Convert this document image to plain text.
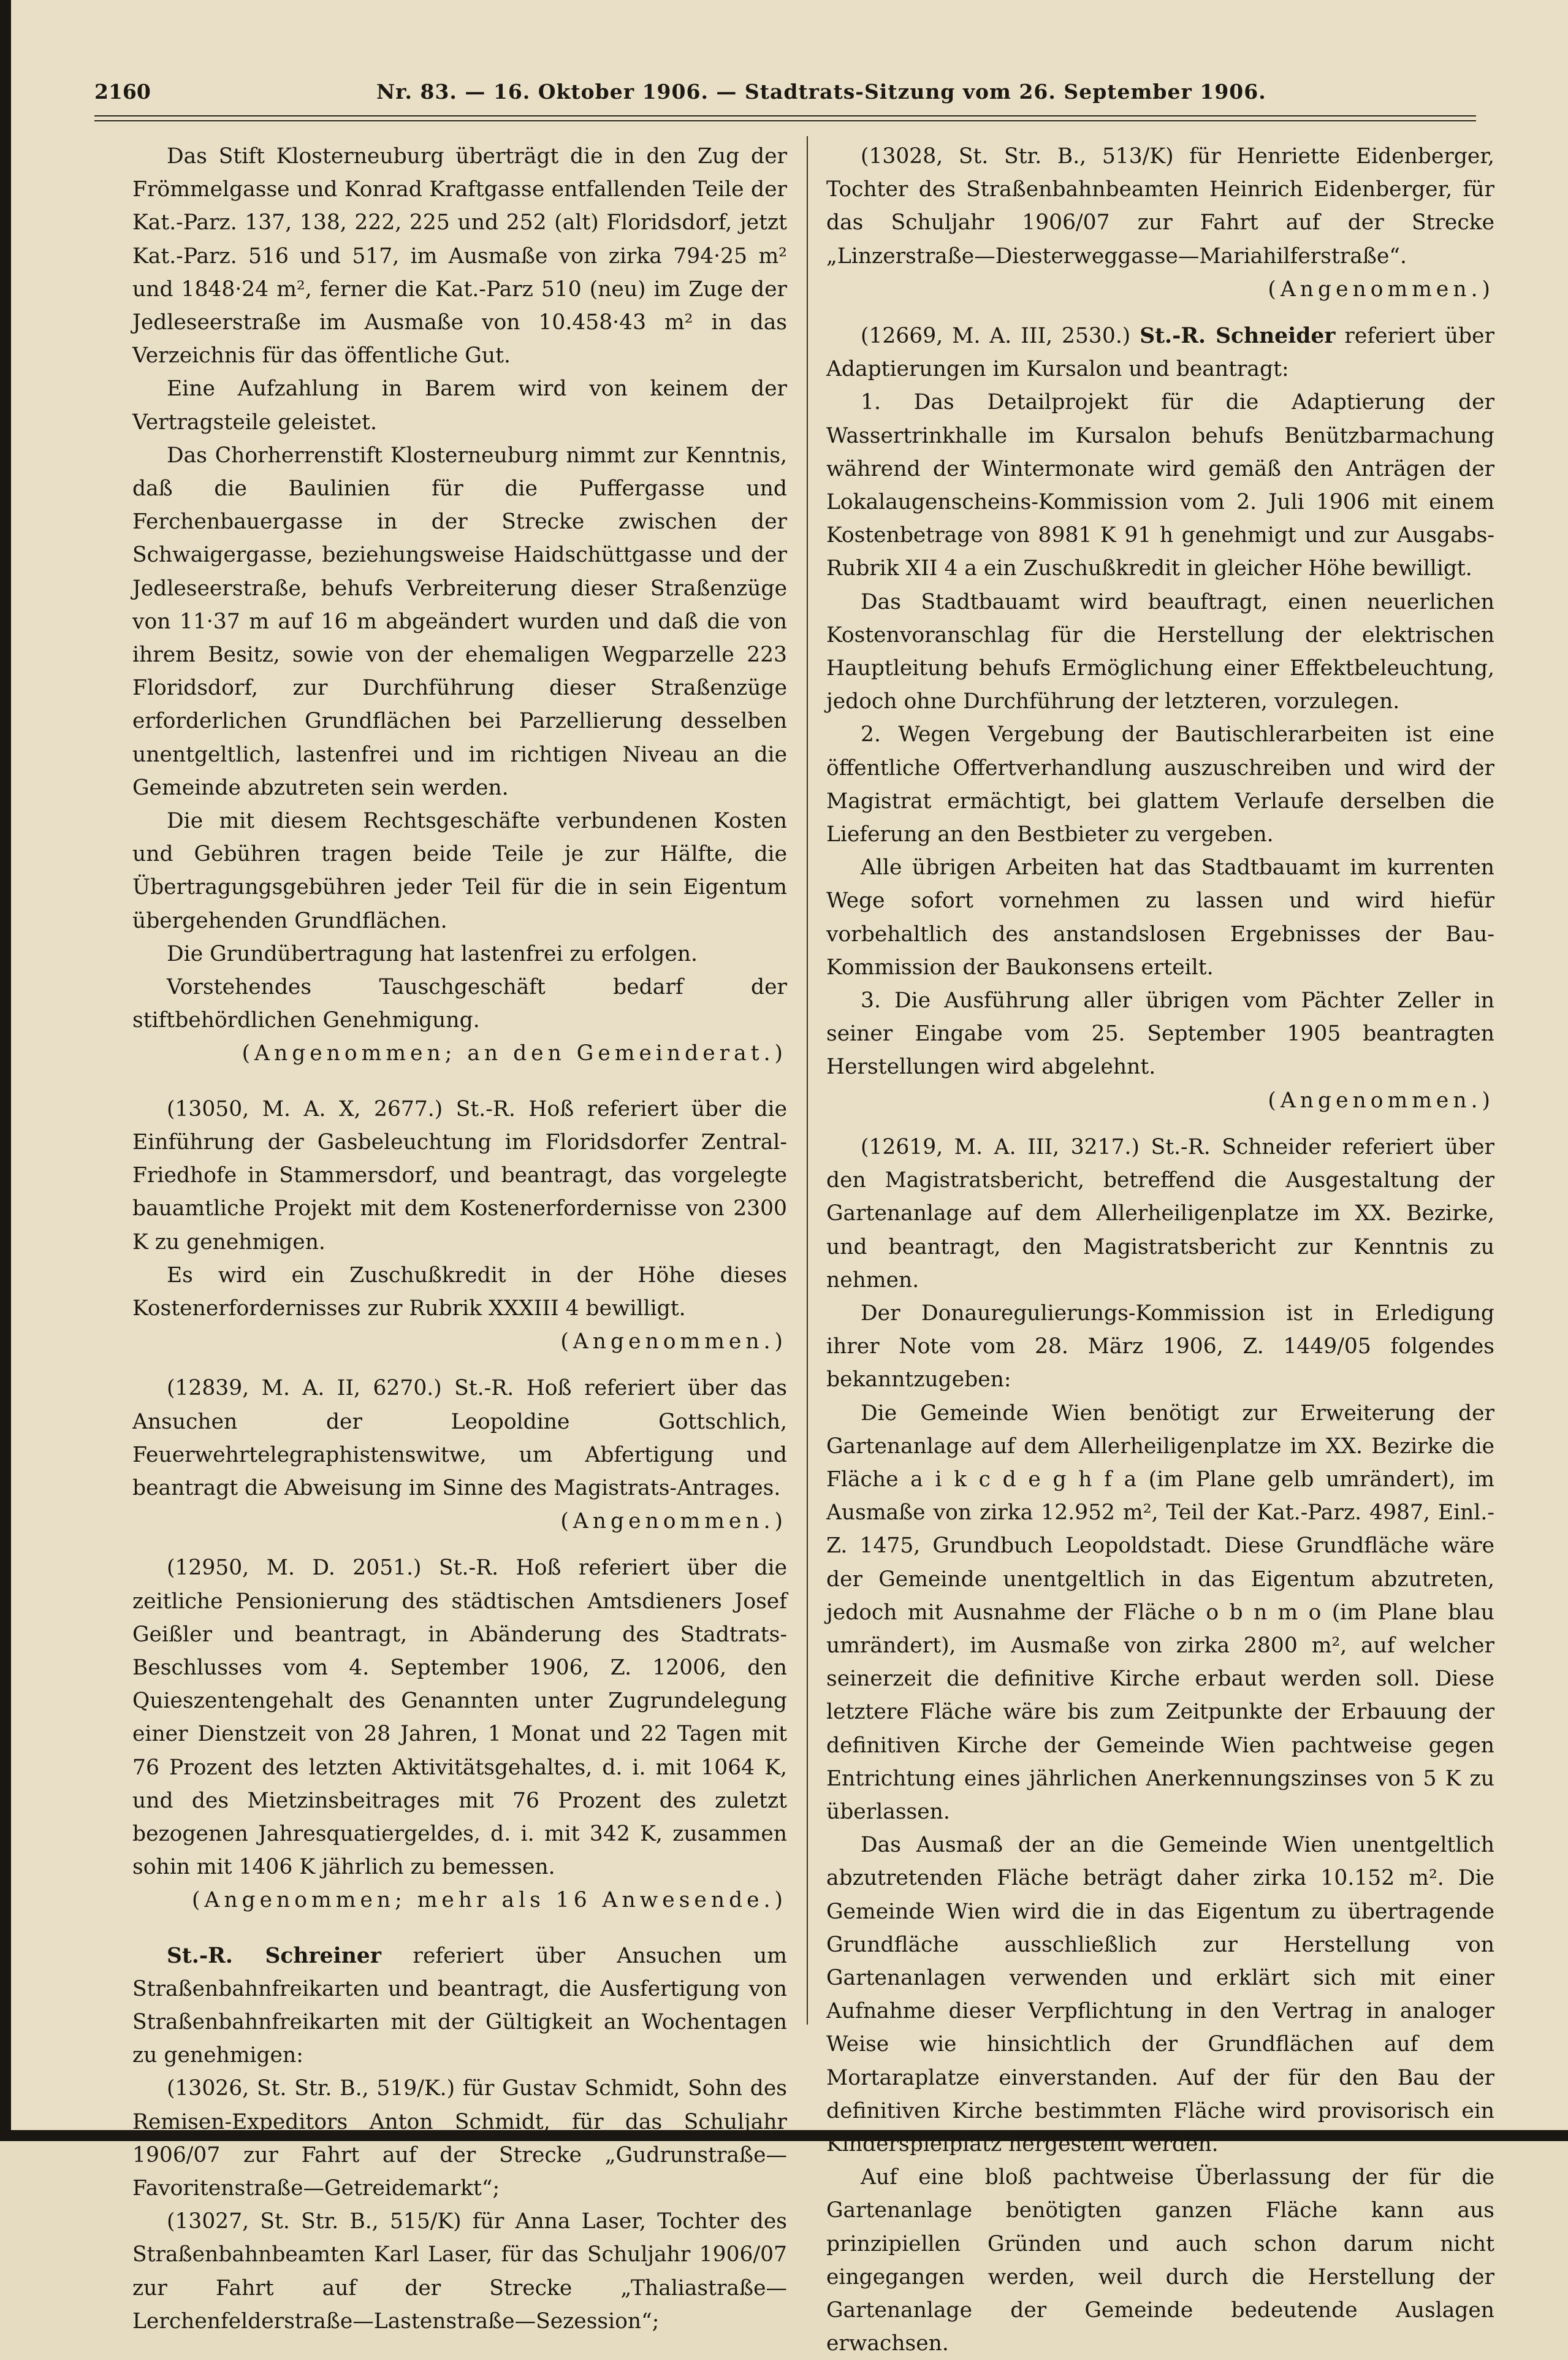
2160	Nr. 83. — 16. Oktober 1906. — Stadtrats-Sitzung vom 26. September 1906.

Das Stift Klosterneuburg überträgt die in den Zug der Frömmelgasse und Konrad Kraftgasse entfallenden Teile der Kat.-Parz. 137, 138, 222, 225 und 252 (alt) Floridsdorf, jetzt Kat.-Parz. 516 und 517, im Ausmaße von zirka 794·25 m² und 1848·24 m², ferner die Kat.-Parz 510 (neu) im Zuge der Jedleseerstraße im Ausmaße von 10.458·43 m² in das Verzeichnis für das öffentliche Gut.

Eine Aufzahlung in Barem wird von keinem der Vertragsteile geleistet.

Das Chorherrenstift Klosterneuburg nimmt zur Kenntnis, daß die Baulinien für die Puffergasse und Ferchenbauergasse in der Strecke zwischen der Schwaigergasse, beziehungsweise Haidschüttgasse und der Jedleseerstraße, behufs Verbreiterung dieser Straßenzüge von 11·37 m auf 16 m abgeändert wurden und daß die von ihrem Besitz, sowie von der ehemaligen Wegparzelle 223 Floridsdorf, zur Durchführung dieser Straßenzüge erforderlichen Grundflächen bei Parzellierung desselben unentgeltlich, lastenfrei und im richtigen Niveau an die Gemeinde abzutreten sein werden.

Die mit diesem Rechtsgeschäfte verbundenen Kosten und Gebühren tragen beide Teile je zur Hälfte, die Übertragungsgebühren jeder Teil für die in sein Eigentum übergehenden Grundflächen.

Die Grundübertragung hat lastenfrei zu erfolgen.

Vorstehendes Tauschgeschäft bedarf der stiftbehördlichen Genehmigung.

(Angenommen; an den Gemeinderat.)

(13050, M. A. X, 2677.) St.-R. Hoß referiert über die Einführung der Gasbeleuchtung im Floridsdorfer Zentral-Friedhofe in Stammersdorf, und beantragt, das vorgelegte bauamtliche Projekt mit dem Kostenerfordernisse von 2300 K zu genehmigen.

Es wird ein Zuschußkredit in der Höhe dieses Kostenerfordernisses zur Rubrik XXXIII 4 bewilligt.

(Angenommen.)

(12839, M. A. II, 6270.) St.-R. Hoß referiert über das Ansuchen der Leopoldine Gottschlich, Feuerwehrtelegraphistenswitwe, um Abfertigung und beantragt die Abweisung im Sinne des Magistrats-Antrages.

(Angenommen.)

(12950, M. D. 2051.) St.-R. Hoß referiert über die zeitliche Pensionierung des städtischen Amtsdieners Josef Geißler und beantragt, in Abänderung des Stadtrats-Beschlusses vom 4. September 1906, Z. 12006, den Quieszentengehalt des Genannten unter Zugrundelegung einer Dienstzeit von 28 Jahren, 1 Monat und 22 Tagen mit 76 Prozent des letzten Aktivitätsgehaltes, d. i. mit 1064 K, und des Mietzinsbeitrages mit 76 Prozent des zuletzt bezogenen Jahresquatiergeldes, d. i. mit 342 K, zusammen sohin mit 1406 K jährlich zu bemessen.

(Angenommen; mehr als 16 Anwesende.)

St.-R. Schreiner referiert über Ansuchen um Straßenbahnfreikarten und beantragt, die Ausfertigung von Straßenbahnfreikarten mit der Gültigkeit an Wochentagen zu genehmigen:

(13026, St. Str. B., 519/K.) für Gustav Schmidt, Sohn des Remisen-Expeditors Anton Schmidt, für das Schuljahr 1906/07 zur Fahrt auf der Strecke „Gudrunstraße—Favoritenstraße—Getreidemarkt“;

(13027, St. Str. B., 515/K) für Anna Laser, Tochter des Straßenbahnbeamten Karl Laser, für das Schuljahr 1906/07 zur Fahrt auf der Strecke „Thaliastraße—Lerchenfelderstraße—Lastenstraße—Sezession“;

(13028, St. Str. B., 513/K) für Henriette Eidenberger, Tochter des Straßenbahnbeamten Heinrich Eidenberger, für das Schuljahr 1906/07 zur Fahrt auf der Strecke „Linzerstraße—Diesterweggasse—Mariahilferstraße“.

(Angenommen.)

(12669, M. A. III, 2530.) St.-R. Schneider referiert über Adaptierungen im Kursalon und beantragt:

1. Das Detailprojekt für die Adaptierung der Wassertrinkhalle im Kursalon behufs Benützbarmachung während der Wintermonate wird gemäß den Anträgen der Lokalaugenscheins-Kommission vom 2. Juli 1906 mit einem Kostenbetrage von 8981 K 91 h genehmigt und zur Ausgabs-Rubrik XII 4 a ein Zuschußkredit in gleicher Höhe bewilligt.

Das Stadtbauamt wird beauftragt, einen neuerlichen Kostenvoranschlag für die Herstellung der elektrischen Hauptleitung behufs Ermöglichung einer Effektbeleuchtung, jedoch ohne Durchführung der letzteren, vorzulegen.

2. Wegen Vergebung der Bautischlerarbeiten ist eine öffentliche Offertverhandlung auszuschreiben und wird der Magistrat ermächtigt, bei glattem Verlaufe derselben die Lieferung an den Bestbieter zu vergeben.

Alle übrigen Arbeiten hat das Stadtbauamt im kurrenten Wege sofort vornehmen zu lassen und wird hiefür vorbehaltlich des anstandslosen Ergebnisses der Bau-Kommission der Baukonsens erteilt.

3. Die Ausführung aller übrigen vom Pächter Zeller in seiner Eingabe vom 25. September 1905 beantragten Herstellungen wird abgelehnt.

(Angenommen.)

(12619, M. A. III, 3217.) St.-R. Schneider referiert über den Magistratsbericht, betreffend die Ausgestaltung der Gartenanlage auf dem Allerheiligenplatze im XX. Bezirke, und beantragt, den Magistratsbericht zur Kenntnis zu nehmen.

Der Donauregulierungs-Kommission ist in Erledigung ihrer Note vom 28. März 1906, Z. 1449/05 folgendes bekanntzugeben:

Die Gemeinde Wien benötigt zur Erweiterung der Gartenanlage auf dem Allerheiligenplatze im XX. Bezirke die Fläche a i k c d e g h f a (im Plane gelb umrändert), im Ausmaße von zirka 12.952 m², Teil der Kat.-Parz. 4987, Einl.-Z. 1475, Grundbuch Leopoldstadt. Diese Grundfläche wäre der Gemeinde unentgeltlich in das Eigentum abzutreten, jedoch mit Ausnahme der Fläche o b n m o (im Plane blau umrändert), im Ausmaße von zirka 2800 m², auf welcher seinerzeit die definitive Kirche erbaut werden soll. Diese letztere Fläche wäre bis zum Zeitpunkte der Erbauung der definitiven Kirche der Gemeinde Wien pachtweise gegen Entrichtung eines jährlichen Anerkennungszinses von 5 K zu überlassen.

Das Ausmaß der an die Gemeinde Wien unentgeltlich abzutretenden Fläche beträgt daher zirka 10.152 m². Die Gemeinde Wien wird die in das Eigentum zu übertragende Grundfläche ausschließlich zur Herstellung von Gartenanlagen verwenden und erklärt sich mit einer Aufnahme dieser Verpflichtung in den Vertrag in analoger Weise wie hinsichtlich der Grundflächen auf dem Mortaraplatze einverstanden. Auf der für den Bau der definitiven Kirche bestimmten Fläche wird provisorisch ein Kinderspielplatz hergestellt werden.

Auf eine bloß pachtweise Überlassung der für die Gartenanlage benötigten ganzen Fläche kann aus prinzipiellen Gründen und auch schon darum nicht eingegangen werden, weil durch die Herstellung der Gartenanlage der Gemeinde bedeutende Auslagen erwachsen.
